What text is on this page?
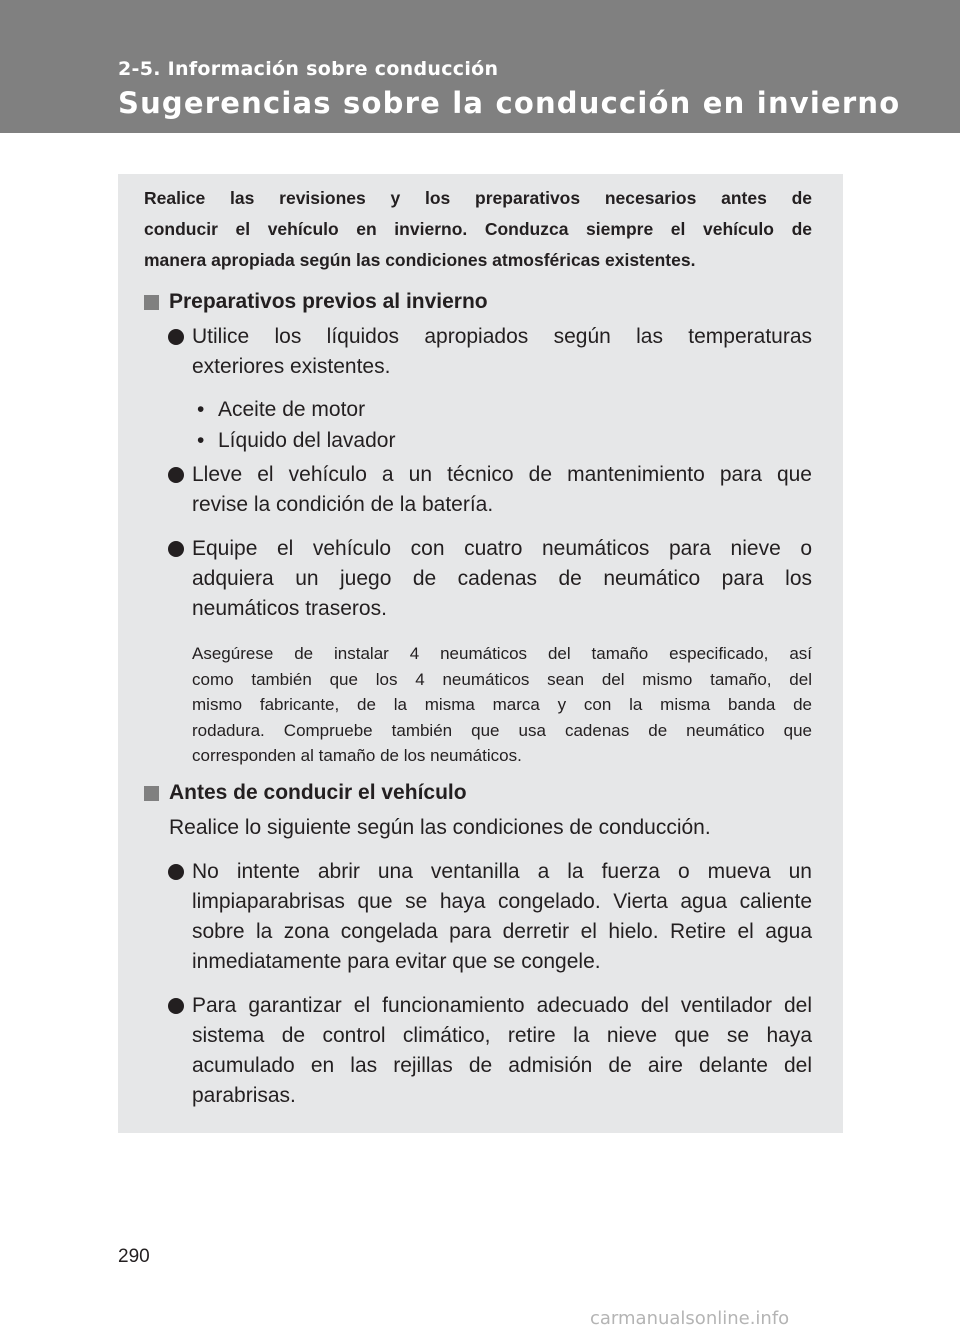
2-5. Información sobre conducción
Sugerencias sobre la conducción en invierno
Realice las revisiones y los preparativos necesarios antes de
conducir el vehículo en invierno. Conduzca siempre el vehículo de
manera apropiada según las condiciones atmosféricas existentes.
Preparativos previos al invierno
Utilice los líquidos apropiados según las temperaturas
exteriores existentes.
• Aceite de motor
• Líquido del lavador
Lleve el vehículo a un técnico de mantenimiento para que
revise la condición de la batería.
Equipe el vehículo con cuatro neumáticos para nieve o
adquiera un juego de cadenas de neumático para los
neumáticos traseros.
Asegúrese de instalar 4 neumáticos del tamaño especificado, así
como también que los 4 neumáticos sean del mismo tamaño, del
mismo fabricante, de la misma marca y con la misma banda de
rodadura. Compruebe también que usa cadenas de neumático que
corresponden al tamaño de los neumáticos.
Antes de conducir el vehículo
Realice lo siguiente según las condiciones de conducción.
No intente abrir una ventanilla a la fuerza o mueva un
limpiaparabrisas que se haya congelado. Vierta agua caliente
sobre la zona congelada para derretir el hielo. Retire el agua
inmediatamente para evitar que se congele.
Para garantizar el funcionamiento adecuado del ventilador del
sistema de control climático, retire la nieve que se haya
acumulado en las rejillas de admisión de aire delante del
parabrisas.
290
carmanualsonline.info
